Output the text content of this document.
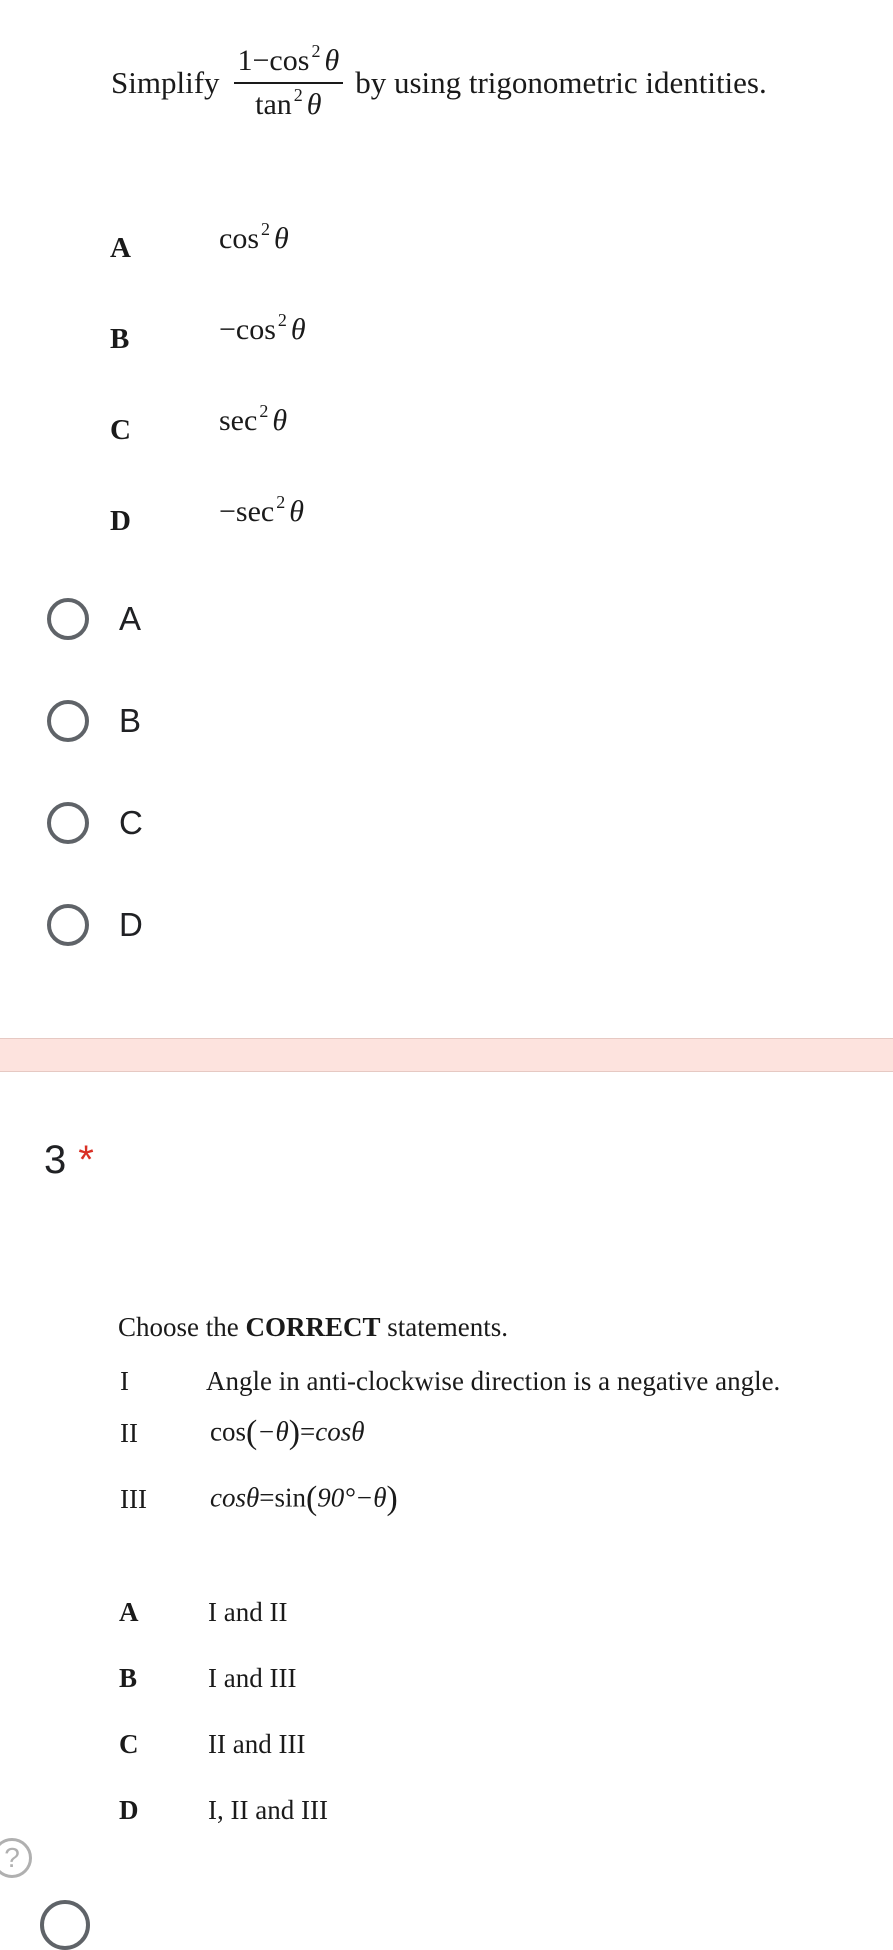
Simplify $\frac{1-\cos ^2 \theta}{\tan ^2 \theta}$ by using trigonometric identities.
A	cos $^2$ θ
B	−cos $^2$ θ
C	sec $^2$ θ
D	−sec $^2$ θ
A
B
C
D
3 *
Choose the CORRECT statements.
I	Angle in anti-clockwise direction is a negative angle.
II	cos(−θ)=cosθ
III cosθ=sin(90°−θ)
A	I and II
B	I and III
C	II and III
D	I, II and III
?
